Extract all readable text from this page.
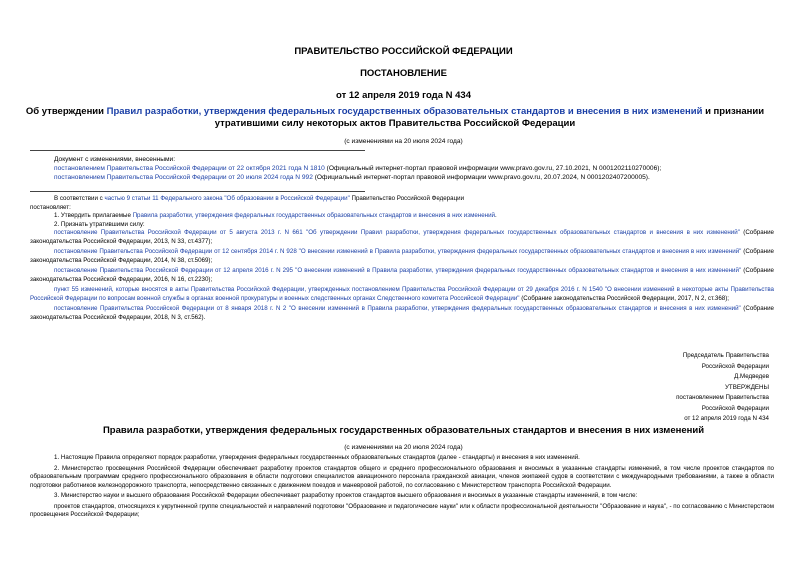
ПРАВИТЕЛЬСТВО РОССИЙСКОЙ ФЕДЕРАЦИИ
ПОСТАНОВЛЕНИЕ
от 12 апреля 2019 года N 434
Об утверждении Правил разработки, утверждения федеральных государственных образовательных стандартов и внесения в них изменений и признании
утратившими силу некоторых актов Правительства Российской Федерации
(с изменениями на 20 июля 2024 года)
Документ с изменениями, внесенными:
постановлением Правительства Российской Федерации от 22 октября 2021 года N 1810 (Официальный интернет-портал правовой информации www.pravo.gov.ru, 27.10.2021, N 0001202110270006);
постановлением Правительства Российской Федерации от 20 июля 2024 года N 992 (Официальный интернет-портал правовой информации www.pravo.gov.ru, 20.07.2024, N 0001202407200005).
В соответствии с частью 9 статьи 11 Федерального закона "Об образовании в Российской Федерации" Правительство Российской Федерации
постановляет:
1. Утвердить прилагаемые Правила разработки, утверждения федеральных государственных образовательных стандартов и внесения в них изменений.
2. Признать утратившими силу:
постановление Правительства Российской Федерации от 5 августа 2013 г. N 661 "Об утверждении Правил разработки, утверждения федеральных государственных образовательных стандартов и внесения в них изменений" (Собрание законодательства Российской Федерации, 2013, N 33, ст.4377);
постановление Правительства Российской Федерации от 12 сентября 2014 г. N 928 "О внесении изменений в Правила разработки, утверждения федеральных государственных образовательных стандартов и внесения в них изменений" (Собрание законодательства Российской Федерации, 2014, N 38, ст.5069);
постановление Правительства Российской Федерации от 12 апреля 2016 г. N 295 "О внесении изменений в Правила разработки, утверждения федеральных государственных образовательных стандартов и внесения в них изменений" (Собрание законодательства Российской Федерации, 2016, N 16, ст.2230);
пункт 55 изменений, которые вносятся в акты Правительства Российской Федерации, утвержденных постановлением Правительства Российской Федерации от 29 декабря 2016 г. N 1540 "О внесении изменений в некоторые акты Правительства Российской Федерации по вопросам военной службы в органах военной прокуратуры и военных следственных органах Следственного комитета Российской Федерации" (Собрание законодательства Российской Федерации, 2017, N 2, ст.368);
постановление Правительства Российской Федерации от 8 января 2018 г. N 2 "О внесении изменений в Правила разработки, утверждения федеральных государственных образовательных стандартов и внесения в них изменений" (Собрание законодательства Российской Федерации, 2018, N 3, ст.562).
Председатель Правительства
Российской Федерации
Д.Медведев
УТВЕРЖДЕНЫ
постановлением Правительства
Российской Федерации
от 12 апреля 2019 года N 434
Правила разработки, утверждения федеральных государственных образовательных стандартов и внесения в них изменений
(с изменениями на 20 июля 2024 года)
1. Настоящие Правила определяют порядок разработки, утверждения федеральных государственных образовательных стандартов (далее - стандарты) и внесения в них изменений.
2. Министерство просвещения Российской Федерации обеспечивает разработку проектов стандартов общего и среднего профессионального образования и вносимых в указанные стандарты изменений, в том числе проектов стандартов по образовательным программам среднего профессионального образования в области подготовки специалистов авиационного персонала гражданской авиации, членов экипажей судов в соответствии с международными требованиями, а также в области подготовки работников железнодорожного транспорта, непосредственно связанных с движением поездов и маневровой работой, по согласованию с Министерством транспорта Российской Федерации.
3. Министерство науки и высшего образования Российской Федерации обеспечивает разработку проектов стандартов высшего образования и вносимых в указанные стандарты изменений, в том числе:
проектов стандартов, относящихся к укрупненной группе специальностей и направлений подготовки "Образование и педагогические науки" или к области профессиональной деятельности "Образование и наука", - по согласованию с Министерством просвещения Российской Федерации;
